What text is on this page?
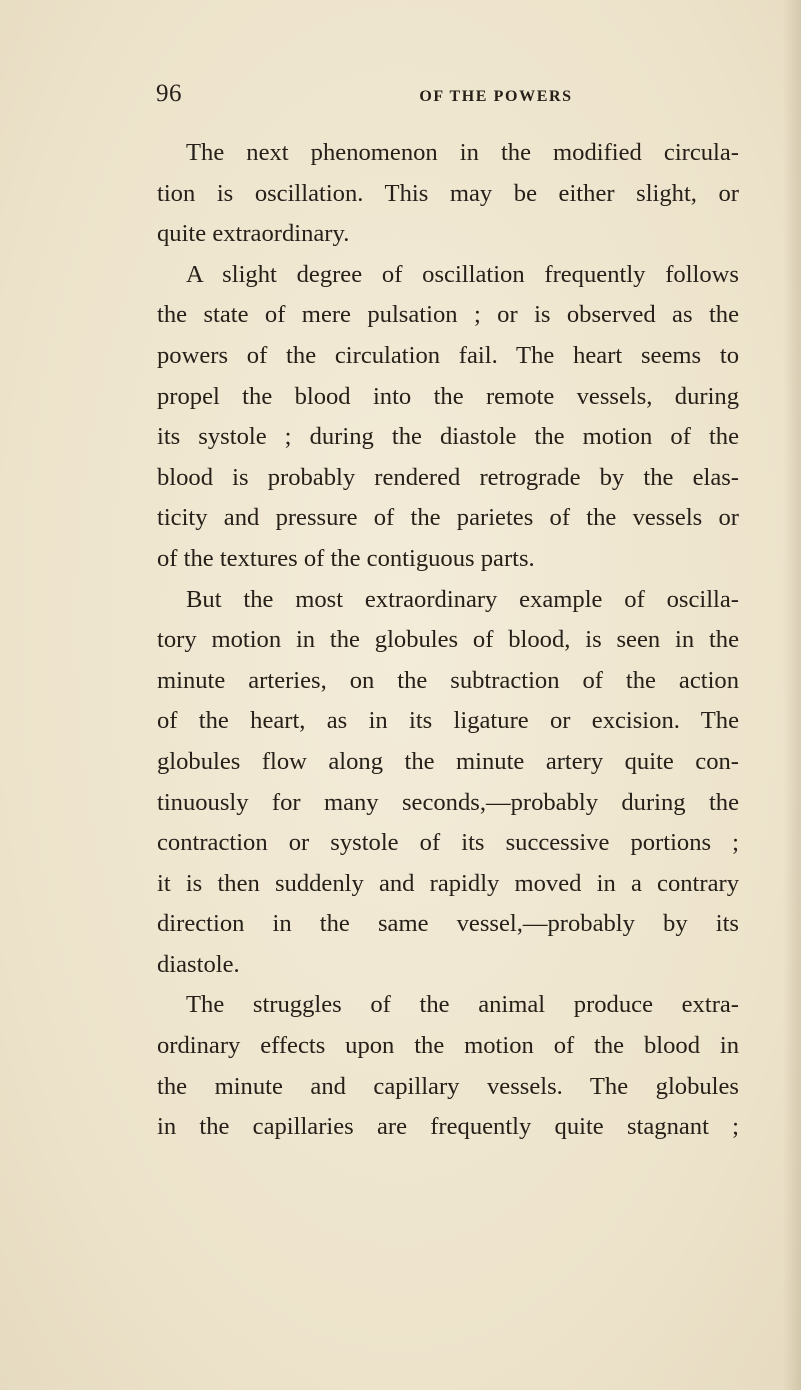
96	OF THE POWERS
The next phenomenon in the modified circula-
tion is oscillation. This may be either slight, or
quite extraordinary.
A slight degree of oscillation frequently follows
the state of mere pulsation ; or is observed as the
powers of the circulation fail. The heart seems to
propel the blood into the remote vessels, during
its systole ; during the diastole the motion of the
blood is probably rendered retrograde by the elas-
ticity and pressure of the parietes of the vessels or
of the textures of the contiguous parts.
But the most extraordinary example of oscilla-
tory motion in the globules of blood, is seen in the
minute arteries, on the subtraction of the action
of the heart, as in its ligature or excision. The
globules flow along the minute artery quite con-
tinuously for many seconds,—probably during the
contraction or systole of its successive portions ;
it is then suddenly and rapidly moved in a contrary
direction in the same vessel,—probably by its
diastole.
The struggles of the animal produce extra-
ordinary effects upon the motion of the blood in
the minute and capillary vessels. The globules
in the capillaries are frequently quite stagnant ;
